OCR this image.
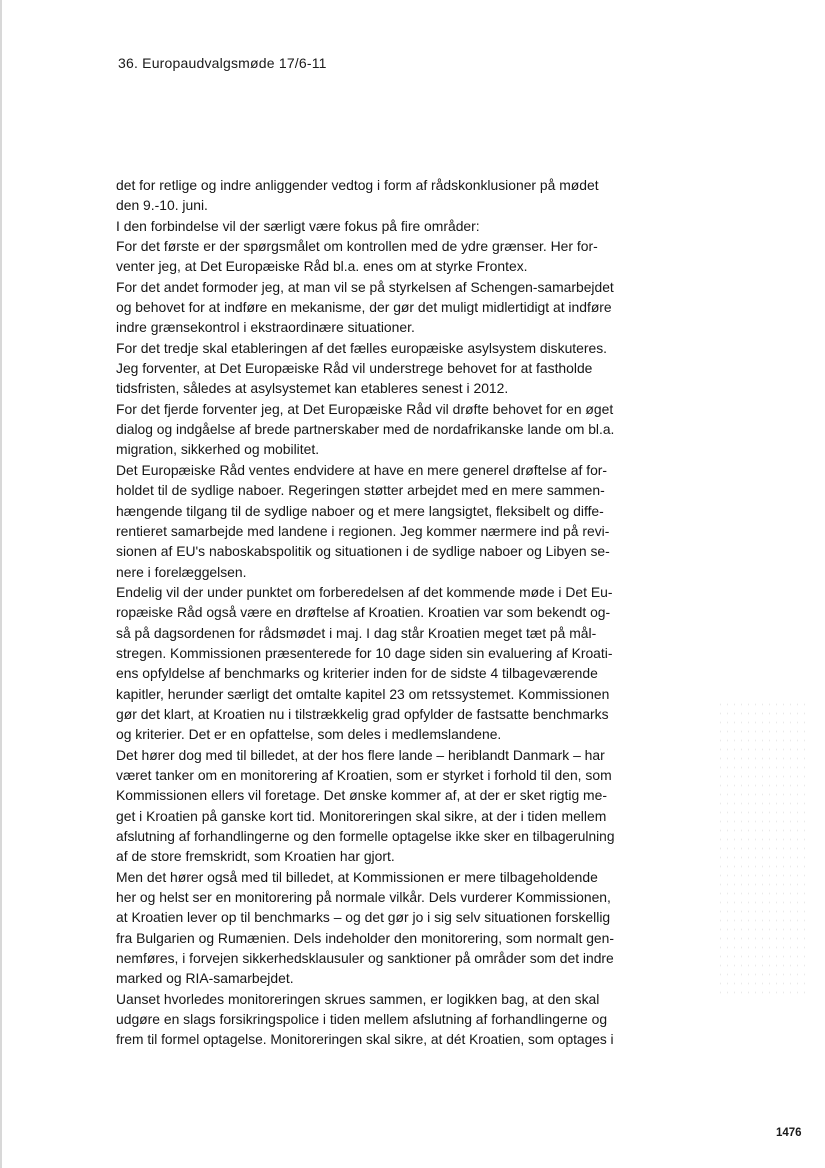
36. Europaudvalgsmøde 17/6-11
det for retlige og indre anliggender vedtog i form af rådskonklusioner på mødet
den 9.-10. juni.
I den forbindelse vil der særligt være fokus på fire områder:
For det første er der spørgsmålet om kontrollen med de ydre grænser. Her for-
venter jeg, at Det Europæiske Råd bl.a. enes om at styrke Frontex.
For det andet formoder jeg, at man vil se på styrkelsen af Schengen-samarbejdet
og behovet for at indføre en mekanisme, der gør det muligt midlertidigt at indføre
indre grænsekontrol i ekstraordinære situationer.
For det tredje skal etableringen af det fælles europæiske asylsystem diskuteres.
Jeg forventer, at Det Europæiske Råd vil understrege behovet for at fastholde
tidsfristen, således at asylsystemet kan etableres senest i 2012.
For det fjerde forventer jeg, at Det Europæiske Råd vil drøfte behovet for en øget
dialog og indgåelse af brede partnerskaber med de nordafrikanske lande om bl.a.
migration, sikkerhed og mobilitet.
Det Europæiske Råd ventes endvidere at have en mere generel drøftelse af for-
holdet til de sydlige naboer. Regeringen støtter arbejdet med en mere sammen-
hængende tilgang til de sydlige naboer og et mere langsigtet, fleksibelt og diffe-
rentieret samarbejde med landene i regionen. Jeg kommer nærmere ind på revi-
sionen af EU's naboskabspolitik og situationen i de sydlige naboer og Libyen se-
nere i forelæggelsen.
Endelig vil der under punktet om forberedelsen af det kommende møde i Det Eu-
ropæiske Råd også være en drøftelse af Kroatien. Kroatien var som bekendt og-
så på dagsordenen for rådsmødet i maj. I dag står Kroatien meget tæt på mål-
stregen. Kommissionen præsenterede for 10 dage siden sin evaluering af Kroati-
ens opfyldelse af benchmarks og kriterier inden for de sidste 4 tilbageværende
kapitler, herunder særligt det omtalte kapitel 23 om retssystemet. Kommissionen
gør det klart, at Kroatien nu i tilstrækkelig grad opfylder de fastsatte benchmarks
og kriterier. Det er en opfattelse, som deles i medlemslandene.
Det hører dog med til billedet, at der hos flere lande – heriblandt Danmark – har
været tanker om en monitorering af Kroatien, som er styrket i forhold til den, som
Kommissionen ellers vil foretage. Det ønske kommer af, at der er sket rigtig me-
get i Kroatien på ganske kort tid. Monitoreringen skal sikre, at der i tiden mellem
afslutning af forhandlingerne og den formelle optagelse ikke sker en tilbagerulning
af de store fremskridt, som Kroatien har gjort.
Men det hører også med til billedet, at Kommissionen er mere tilbageholdende
her og helst ser en monitorering på normale vilkår. Dels vurderer Kommissionen,
at Kroatien lever op til benchmarks – og det gør jo i sig selv situationen forskellig
fra Bulgarien og Rumænien. Dels indeholder den monitorering, som normalt gen-
nemføres, i forvejen sikkerhedsklausuler og sanktioner på områder som det indre
marked og RIA-samarbejdet.
Uanset hvorledes monitoreringen skrues sammen, er logikken bag, at den skal
udgøre en slags forsikringspolice i tiden mellem afslutning af forhandlingerne og
frem til formel optagelse. Monitoreringen skal sikre, at dét Kroatien, som optages i
1476
